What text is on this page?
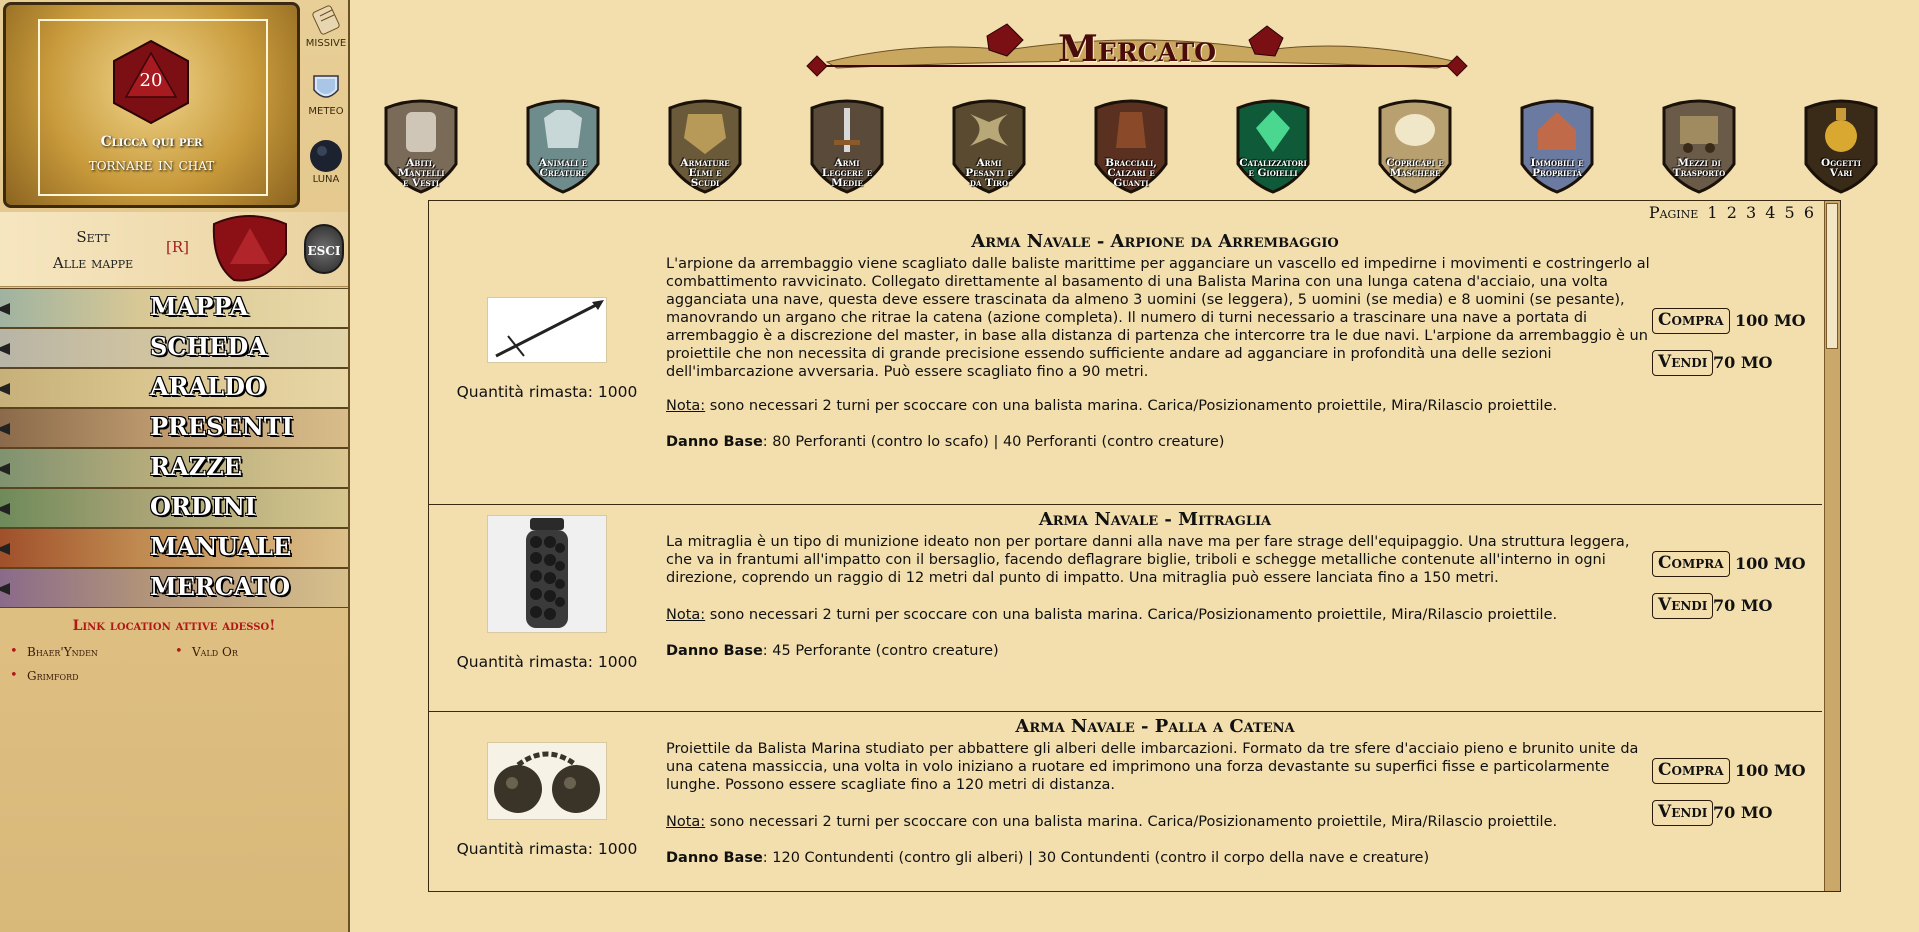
20
Clicca qui per
tornare in chat
MISSIVE
METEO
LUNA
Sett
Alle mappe
[R]	ESCI
MAPPA
SCHEDA
ARALDO
PRESENTI
RAZZE
ORDINI
MANUALE
MERCATO
Link location attive adesso!
• Bhaer'Ynden
•	Vald Or
• Grimford
Mercato
Abiti,
Mantelli
e Vesti
Animali e
Creature
Armature
Elmi e
Scudi
Armi
Leggere e
Medie
Armi
Pesanti e
da Tiro
Bracciali,
Calzari e
Guanti
Catalizzatori
e Gioielli
Copricapi e
Maschere
Immobili e
Proprietà
Mezzi di
Trasporto
Oggetti
Vari
Pagine 1 2 3 4 5 6
Quantità rimasta: 1000
Arma Navale - Arpione da Arrembaggio
L'arpione da arrembaggio viene scagliato dalle baliste marittime per agganciare un vascello ed impedirne i movimenti e costringerlo al combattimento ravvicinato. Collegato direttamente al basamento di una Balista Marina con una lunga catena d'acciaio, una volta agganciata una nave, questa deve essere trascinata da almeno 3 uomini (se leggera), 5 uomini (se media) e 8 uomini (se pesante), manovrando un argano che ritrae la catena (azione completa). Il numero di turni necessario a trascinare una nave a portata di arrembaggio è a discrezione del master, in base alla distanza di partenza che intercorre tra le due navi. L'arpione da arrembaggio è un proiettile che non necessita di grande precisione essendo sufficiente andare ad agganciare in profondità una delle sezioni dell'imbarcazione avversaria. Può essere scagliato fino a 90 metri.
Nota: sono necessari 2 turni per scoccare con una balista marina. Carica/Posizionamento proiettile, Mira/Rilascio proiettile.
Danno Base: 80 Perforanti (contro lo scafo) | 40 Perforanti (contro creature)
Compra 100 MO
Vendi 70 MO
Quantità rimasta: 1000
Arma Navale - Mitraglia
La mitraglia è un tipo di munizione ideato non per portare danni alla nave ma per fare strage dell'equipaggio. Una struttura leggera, che va in frantumi all'impatto con il bersaglio, facendo deflagrare biglie, triboli e schegge metalliche contenute all'interno in ogni direzione, coprendo un raggio di 12 metri dal punto di impatto. Una mitraglia può essere lanciata fino a 150 metri.
Nota: sono necessari 2 turni per scoccare con una balista marina. Carica/Posizionamento proiettile, Mira/Rilascio proiettile.
Danno Base: 45 Perforante (contro creature)
Compra 100 MO
Vendi 70 MO
Quantità rimasta: 1000
Arma Navale - Palla a Catena
Proiettile da Balista Marina studiato per abbattere gli alberi delle imbarcazioni. Formato da tre sfere d'acciaio pieno e brunito unite da una catena massiccia, una volta in volo iniziano a ruotare ed imprimono una forza devastante su superfici fisse e particolarmente lunghe. Possono essere scagliate fino a 120 metri di distanza.
Nota: sono necessari 2 turni per scoccare con una balista marina. Carica/Posizionamento proiettile, Mira/Rilascio proiettile.
Danno Base: 120 Contundenti (contro gli alberi) | 30 Contundenti (contro il corpo della nave e creature)
Compra 100 MO
Vendi 70 MO
